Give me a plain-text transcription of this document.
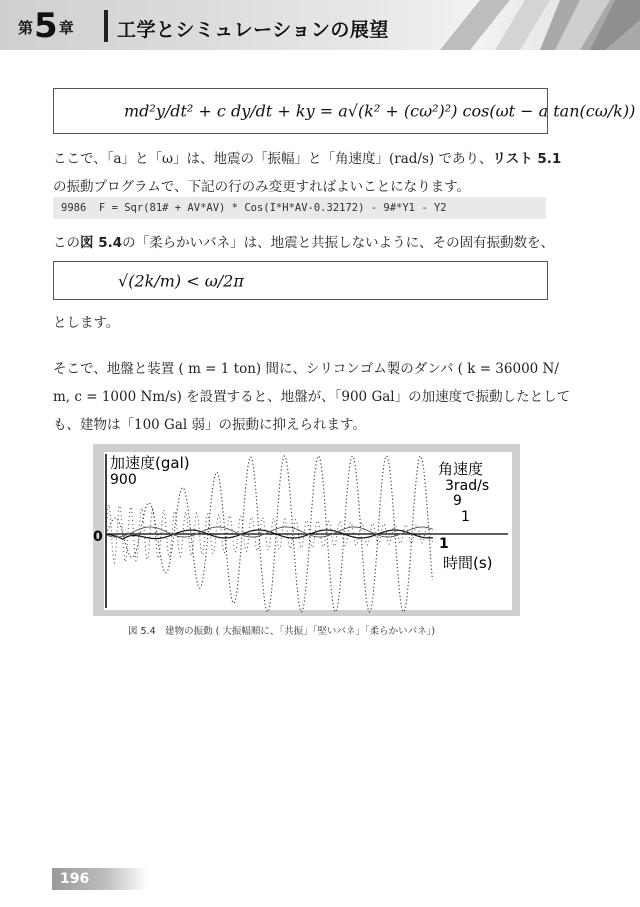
第5章 工学とシミュレーションの展望
md²y/dt² + c dy/dt + ky = a√(k² + (cω²)²) cos(ωt − a tan(cω/k))
ここで、「a」と「ω」は、地震の「振幅」と「角速度」(rad/s) であり、リスト 5.1
の振動プログラムで、下記の行のみ変更すればよいことになります。
9986  F = Sqr(81# + AV*AV) * Cos(I*H*AV-0.32172) - 9#*Y1 - Y2
この図 5.4の「柔らかいバネ」は、地震と共振しないように、その固有振動数を、
√(2k/m) < ω/2π
とします。
そこで、地盤と装置 ( m = 1 ton) 間に、シリコンゴム製のダンパ ( k = 36000 N/
m, c = 1000 Nm/s) を設置すると、地盤が、「900 Gal」の加速度で振動したとして
も、建物は「100 Gal 弱」の振動に抑えられます。
加速度(gal)
900
0
角速度
3rad/s
9
1
1
時間(s)
図 5.4　建物の振動 ( 大振幅順に、「共振」「堅いバネ」「柔らかいバネ」)
196
